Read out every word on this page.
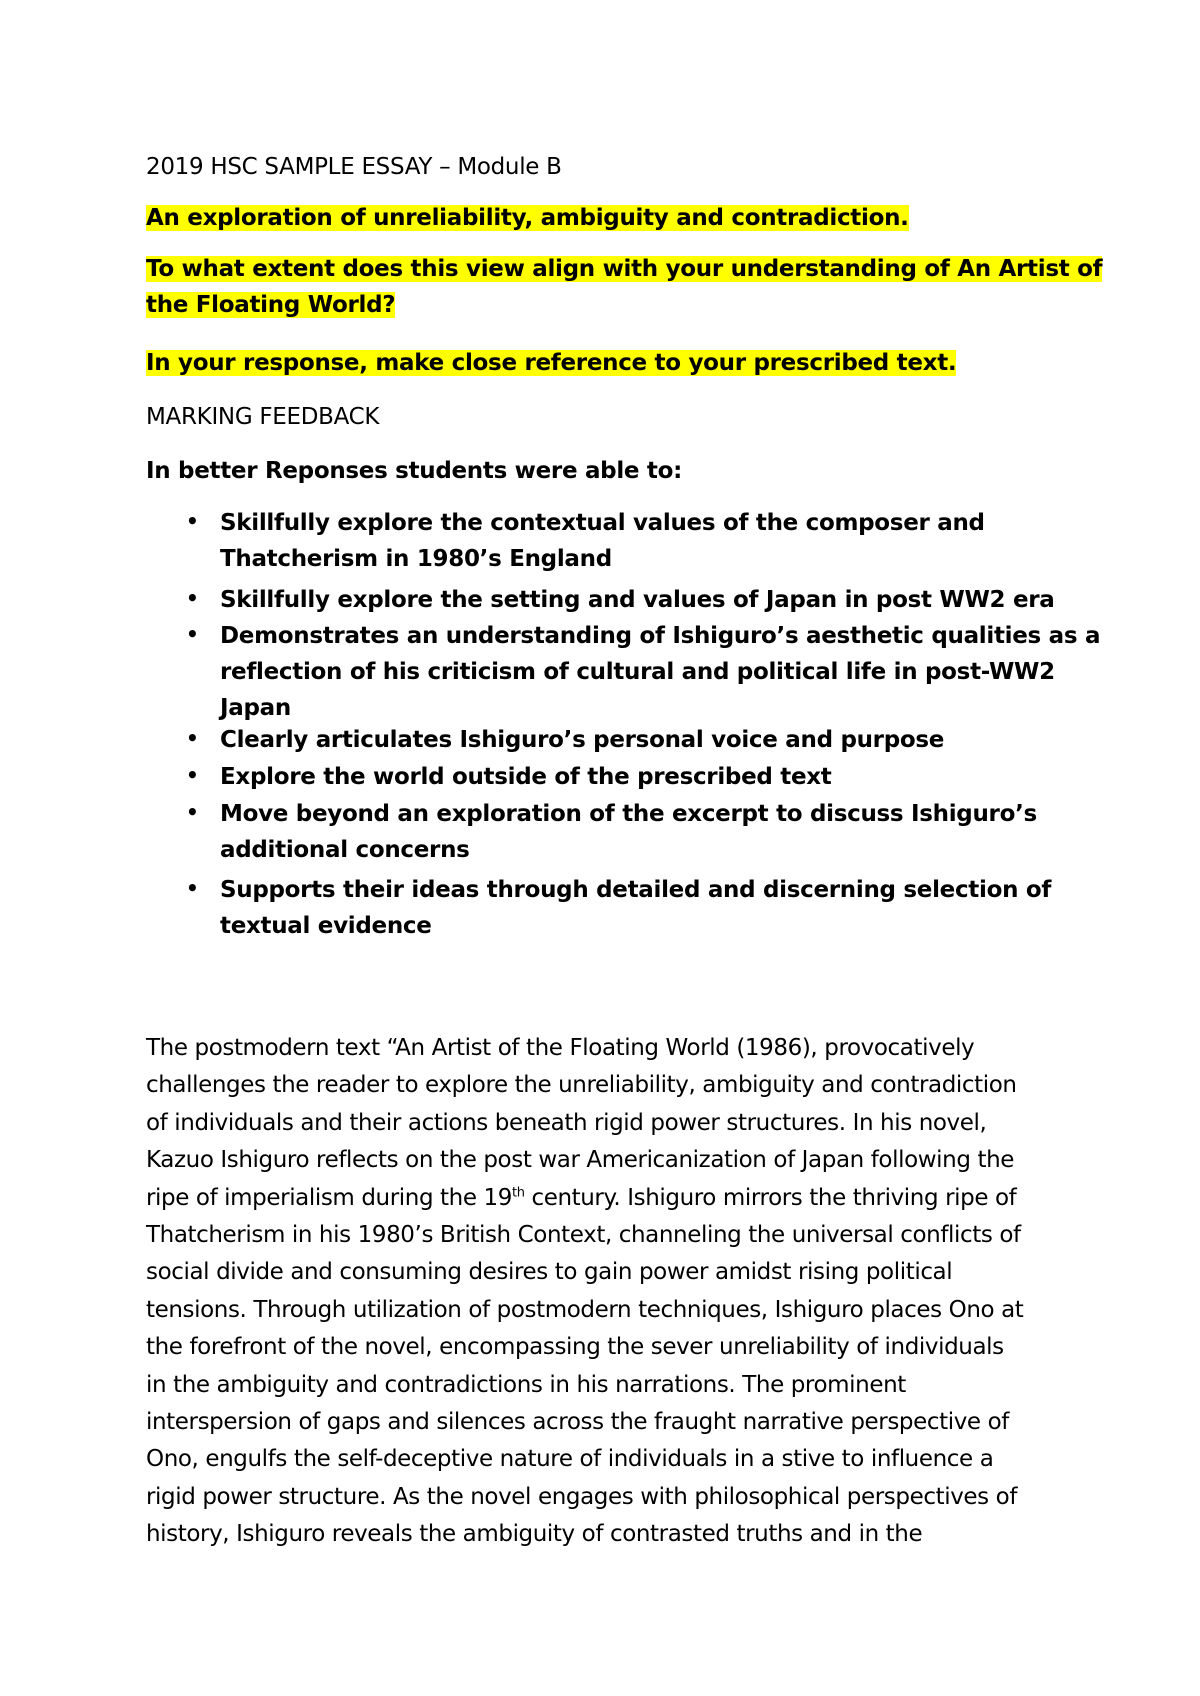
2019 HSC SAMPLE ESSAY – Module B
An exploration of unreliability, ambiguity and contradiction.
To what extent does this view align with your understanding of An Artist of
the Floating World?
In your response, make close reference to your prescribed text.
MARKING FEEDBACK
In better Reponses students were able to:
• Skillfully explore the contextual values of the composer and
Thatcherism in 1980’s England
• Skillfully explore the setting and values of Japan in post WW2 era
• Demonstrates an understanding of Ishiguro’s aesthetic qualities as a
reflection of his criticism of cultural and political life in post-WW2
Japan
• Clearly articulates Ishiguro’s personal voice and purpose
• Explore the world outside of the prescribed text
• Move beyond an exploration of the excerpt to discuss Ishiguro’s
additional concerns
• Supports their ideas through detailed and discerning selection of
textual evidence
The postmodern text “An Artist of the Floating World (1986), provocatively
challenges the reader to explore the unreliability, ambiguity and contradiction
of individuals and their actions beneath rigid power structures. In his novel,
Kazuo Ishiguro reflects on the post war Americanization of Japan following the
ripe of imperialism during the 19th century. Ishiguro mirrors the thriving ripe of
Thatcherism in his 1980’s British Context, channeling the universal conflicts of
social divide and consuming desires to gain power amidst rising political
tensions. Through utilization of postmodern techniques, Ishiguro places Ono at
the forefront of the novel, encompassing the sever unreliability of individuals
in the ambiguity and contradictions in his narrations. The prominent
interspersion of gaps and silences across the fraught narrative perspective of
Ono, engulfs the self-deceptive nature of individuals in a stive to influence a
rigid power structure. As the novel engages with philosophical perspectives of
history, Ishiguro reveals the ambiguity of contrasted truths and in the
